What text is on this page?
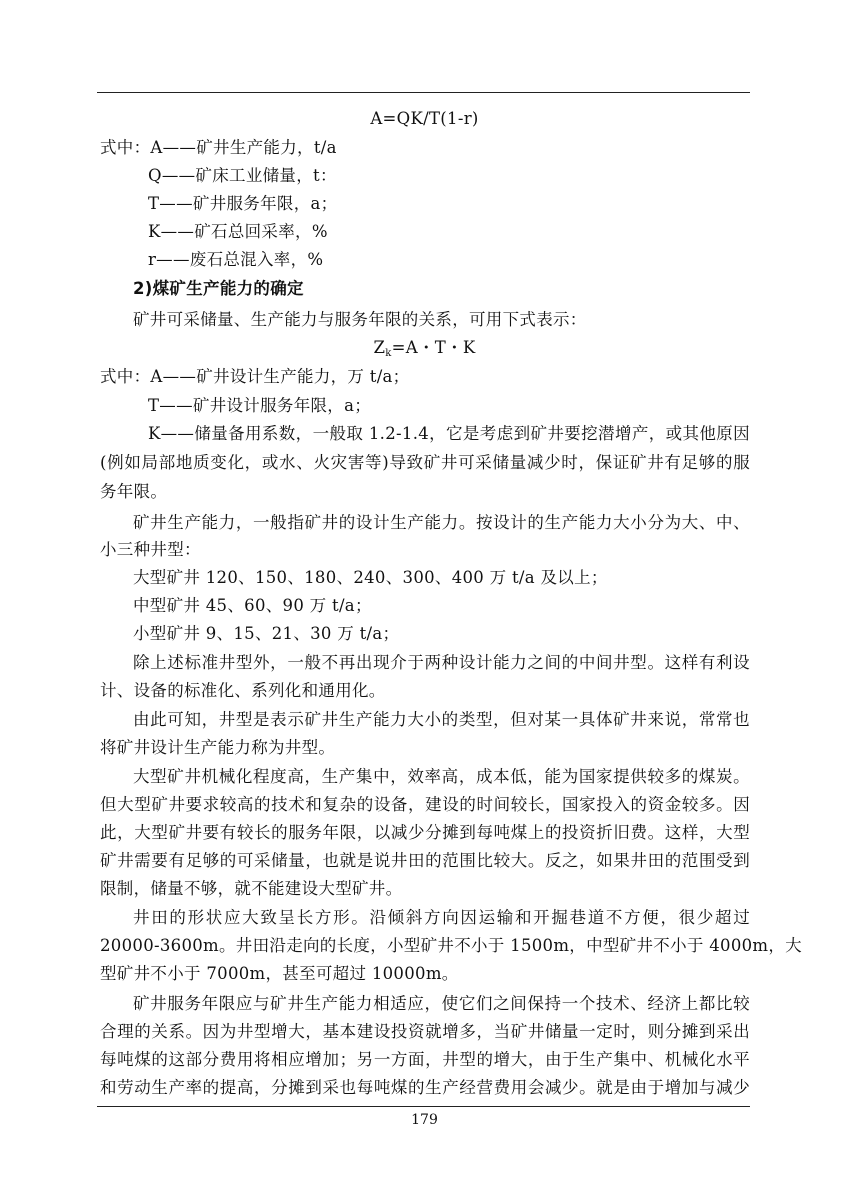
A=QK/T(1-r)
式中：A——矿井生产能力，t/a
Q——矿床工业储量，t：
T——矿井服务年限，a；
K——矿石总回采率，%
r——废石总混入率，%
2)煤矿生产能力的确定
矿井可采储量、生产能力与服务年限的关系，可用下式表示：
$Z_k=A$・T・K
式中：A——矿井设计生产能力，万 t/a；
T——矿井设计服务年限，a；
K——储量备用系数，一般取 1.2-1.4，它是考虑到矿井要挖潜增产，或其他原因
(例如局部地质变化，或水、火灾害等)导致矿井可采储量减少时，保证矿井有足够的服
务年限。
矿井生产能力，一般指矿井的设计生产能力。按设计的生产能力大小分为大、中、
小三种井型：
大型矿井 120、150、180、240、300、400 万 t/a 及以上；
中型矿井 45、60、90 万 t/a；
小型矿井 9、15、21、30 万 t/a；
除上述标准井型外，一般不再出现介于两种设计能力之间的中间井型。这样有利设
计、设备的标准化、系列化和通用化。
由此可知，井型是表示矿井生产能力大小的类型，但对某一具体矿井来说，常常也
将矿井设计生产能力称为井型。
大型矿井机械化程度高，生产集中，效率高，成本低，能为国家提供较多的煤炭。
但大型矿井要求较高的技术和复杂的设备，建设的时间较长，国家投入的资金较多。因
此，大型矿井要有较长的服务年限，以减少分摊到每吨煤上的投资折旧费。这样，大型
矿井需要有足够的可采储量，也就是说井田的范围比较大。反之，如果井田的范围受到
限制，储量不够，就不能建设大型矿井。
井田的形状应大致呈长方形。沿倾斜方向因运输和开掘巷道不方便，很少超过
20000-3600m。井田沿走向的长度，小型矿井不小于 1500m，中型矿井不小于 4000m，大
型矿井不小于 7000m，甚至可超过 10000m。
矿井服务年限应与矿井生产能力相适应，使它们之间保持一个技术、经济上都比较
合理的关系。因为井型增大，基本建设投资就增多，当矿井储量一定时，则分摊到采出
每吨煤的这部分费用将相应增加；另一方面，井型的增大，由于生产集中、机械化水平
和劳动生产率的提高，分摊到采也每吨煤的生产经营费用会减少。就是由于增加与减少
179
